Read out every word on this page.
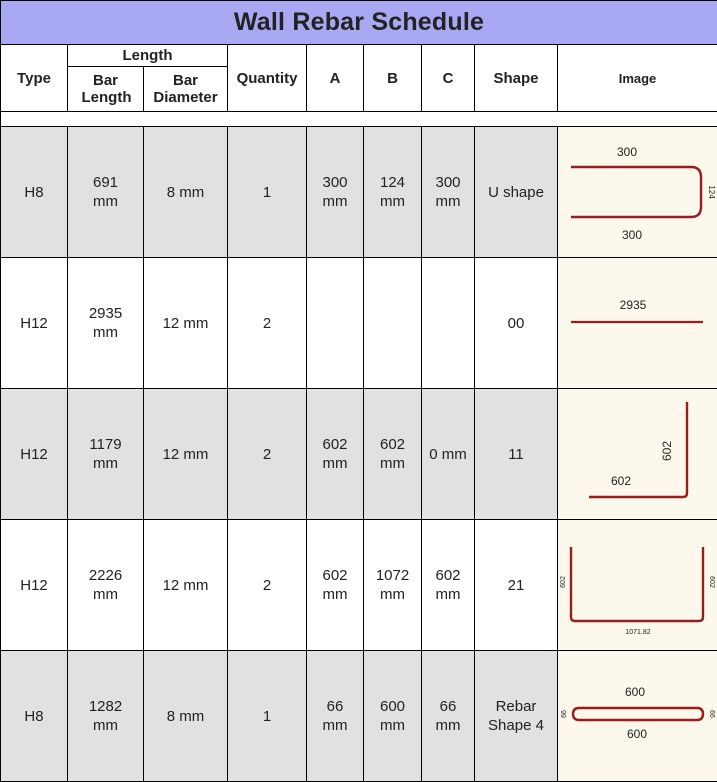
Wall Rebar Schedule								
Type	Length		Quantity	A	B	C	Shape	Image
	Bar Length	Bar Diameter						

H8	691 mm	8 mm	1	300 mm	124 mm	300 mm	U shape	300
124
300

H12	2935 mm	12 mm	2				00	2935

H12	1179 mm	12 mm	2	602 mm	602 mm	0 mm	11	602
602

H12	2226 mm	12 mm	2	602 mm	1072 mm	602 mm	21	602 602
1071.82

H8	1282 mm	8 mm	1	66 mm	600 mm	66 mm	Rebar Shape 4	600
600
66 66
